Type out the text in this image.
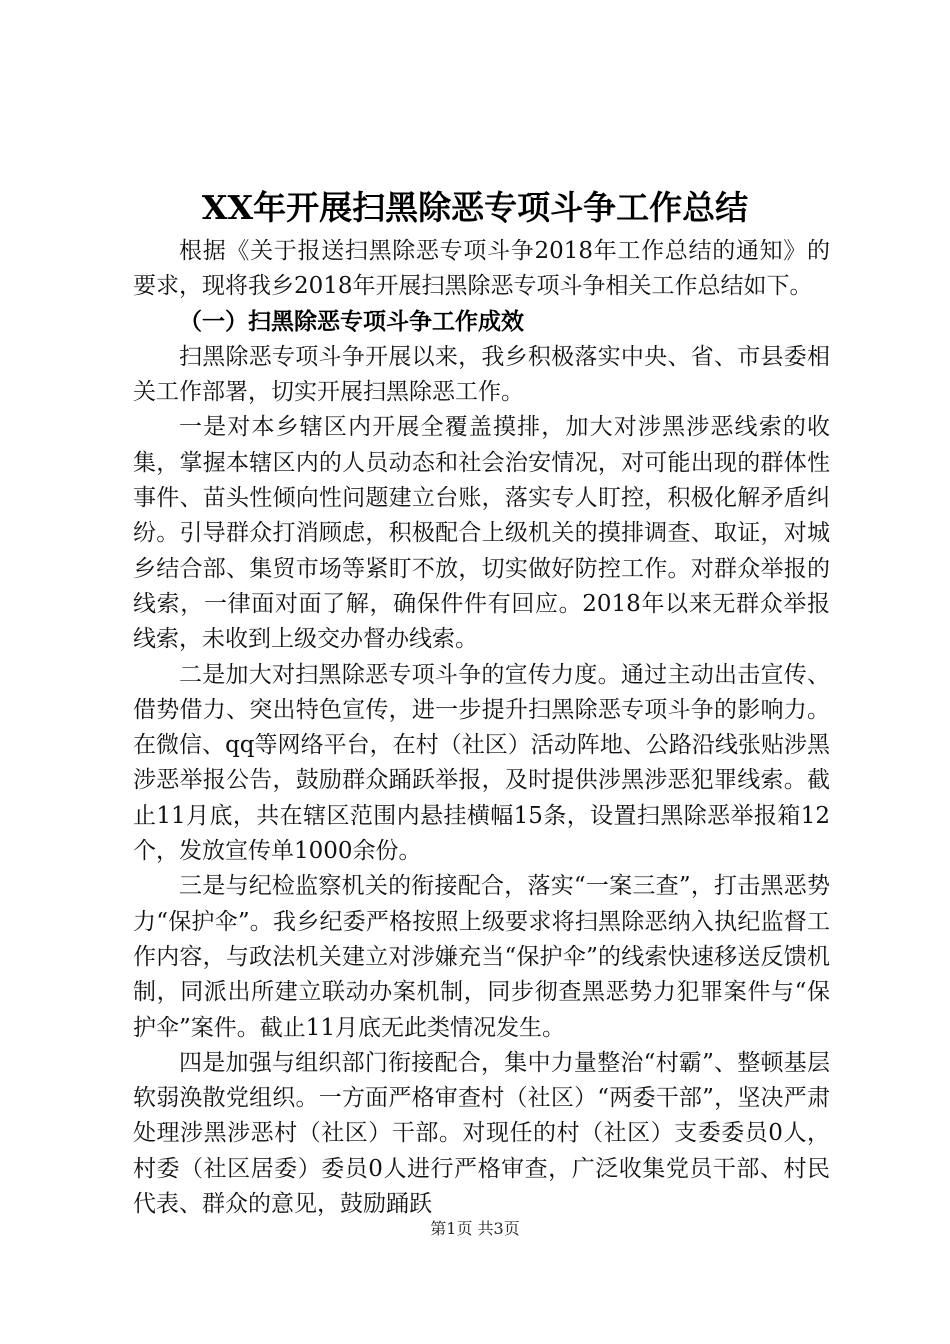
XX年开展扫黑除恶专项斗争工作总结

根据《关于报送扫黑除恶专项斗争2018年工作总结的通知》的要求，现将我乡2018年开展扫黑除恶专项斗争相关工作总结如下。

（一）扫黑除恶专项斗争工作成效

扫黑除恶专项斗争开展以来，我乡积极落实中央、省、市县委相关工作部署，切实开展扫黑除恶工作。

一是对本乡辖区内开展全覆盖摸排，加大对涉黑涉恶线索的收集，掌握本辖区内的人员动态和社会治安情况，对可能出现的群体性事件、苗头性倾向性问题建立台账，落实专人盯控，积极化解矛盾纠纷。引导群众打消顾虑，积极配合上级机关的摸排调查、取证，对城乡结合部、集贸市场等紧盯不放，切实做好防控工作。对群众举报的线索，一律面对面了解，确保件件有回应。2018年以来无群众举报线索，未收到上级交办督办线索。

二是加大对扫黑除恶专项斗争的宣传力度。通过主动出击宣传、借势借力、突出特色宣传，进一步提升扫黑除恶专项斗争的影响力。在微信、qq等网络平台，在村（社区）活动阵地、公路沿线张贴涉黑涉恶举报公告，鼓励群众踊跃举报，及时提供涉黑涉恶犯罪线索。截止11月底，共在辖区范围内悬挂横幅15条，设置扫黑除恶举报箱12个，发放宣传单1000余份。

三是与纪检监察机关的衔接配合，落实“一案三查”，打击黑恶势力“保护伞”。我乡纪委严格按照上级要求将扫黑除恶纳入执纪监督工作内容，与政法机关建立对涉嫌充当“保护伞”的线索快速移送反馈机制，同派出所建立联动办案机制，同步彻查黑恶势力犯罪案件与“保护伞”案件。截止11月底无此类情况发生。

四是加强与组织部门衔接配合，集中力量整治“村霸”、整顿基层软弱涣散党组织。一方面严格审查村（社区）“两委干部”，坚决严肃处理涉黑涉恶村（社区）干部。对现任的村（社区）支委委员0人，村委（社区居委）委员0人进行严格审查，广泛收集党员干部、村民代表、群众的意见，鼓励踊跃

第1页 共3页
